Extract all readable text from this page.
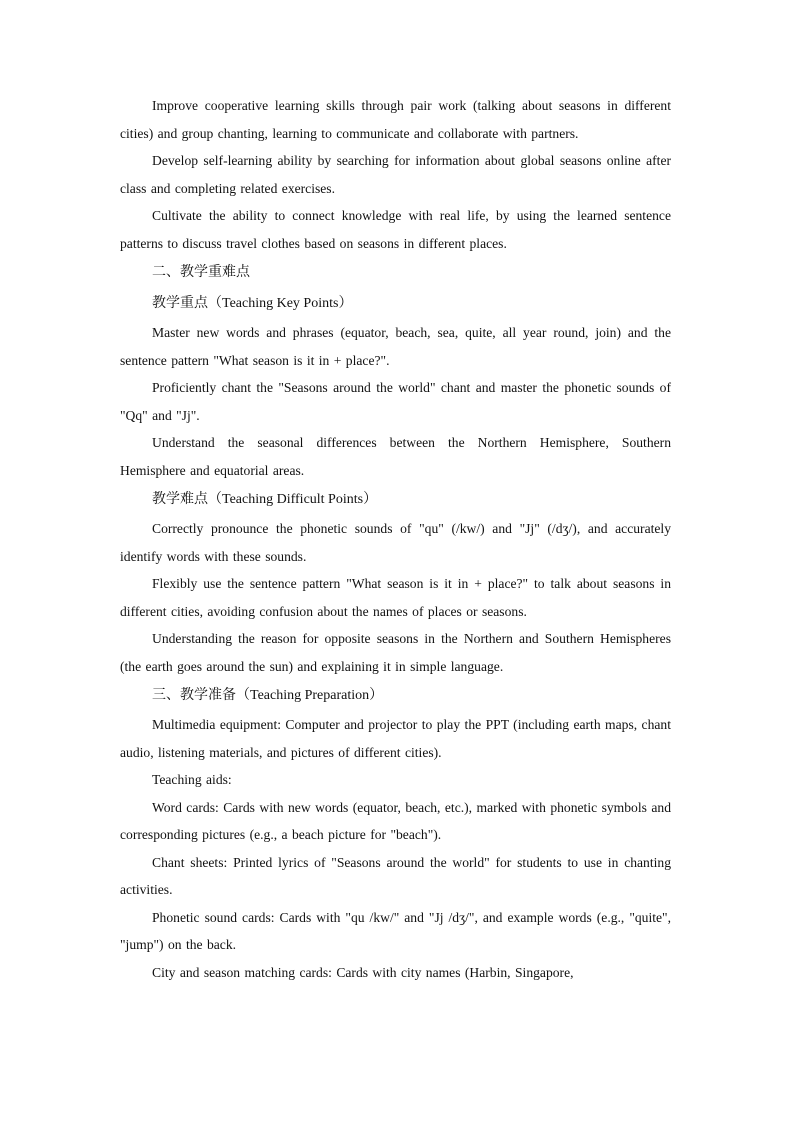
Improve cooperative learning skills through pair work (talking about seasons in different cities) and group chanting, learning to communicate and collaborate with partners.

Develop self-learning ability by searching for information about global seasons online after class and completing related exercises.

Cultivate the ability to connect knowledge with real life, by using the learned sentence patterns to discuss travel clothes based on seasons in different places.

二、教学重难点

教学重点（Teaching Key Points）

Master new words and phrases (equator, beach, sea, quite, all year round, join) and the sentence pattern "What season is it in + place?".

Proficiently chant the "Seasons around the world" chant and master the phonetic sounds of "Qq" and "Jj".

Understand the seasonal differences between the Northern Hemisphere, Southern Hemisphere and equatorial areas.

教学难点（Teaching Difficult Points）

Correctly pronounce the phonetic sounds of "qu" (/kw/) and "Jj" (/dʒ/), and accurately identify words with these sounds.

Flexibly use the sentence pattern "What season is it in + place?" to talk about seasons in different cities, avoiding confusion about the names of places or seasons.

Understanding the reason for opposite seasons in the Northern and Southern Hemispheres (the earth goes around the sun) and explaining it in simple language.

三、教学准备（Teaching Preparation）

Multimedia equipment: Computer and projector to play the PPT (including earth maps, chant audio, listening materials, and pictures of different cities).

Teaching aids:

Word cards: Cards with new words (equator, beach, etc.), marked with phonetic symbols and corresponding pictures (e.g., a beach picture for "beach").

Chant sheets: Printed lyrics of "Seasons around the world" for students to use in chanting activities.

Phonetic sound cards: Cards with "qu /kw/" and "Jj /dʒ/", and example words (e.g., "quite", "jump") on the back.

City and season matching cards: Cards with city names (Harbin, Singapore,
